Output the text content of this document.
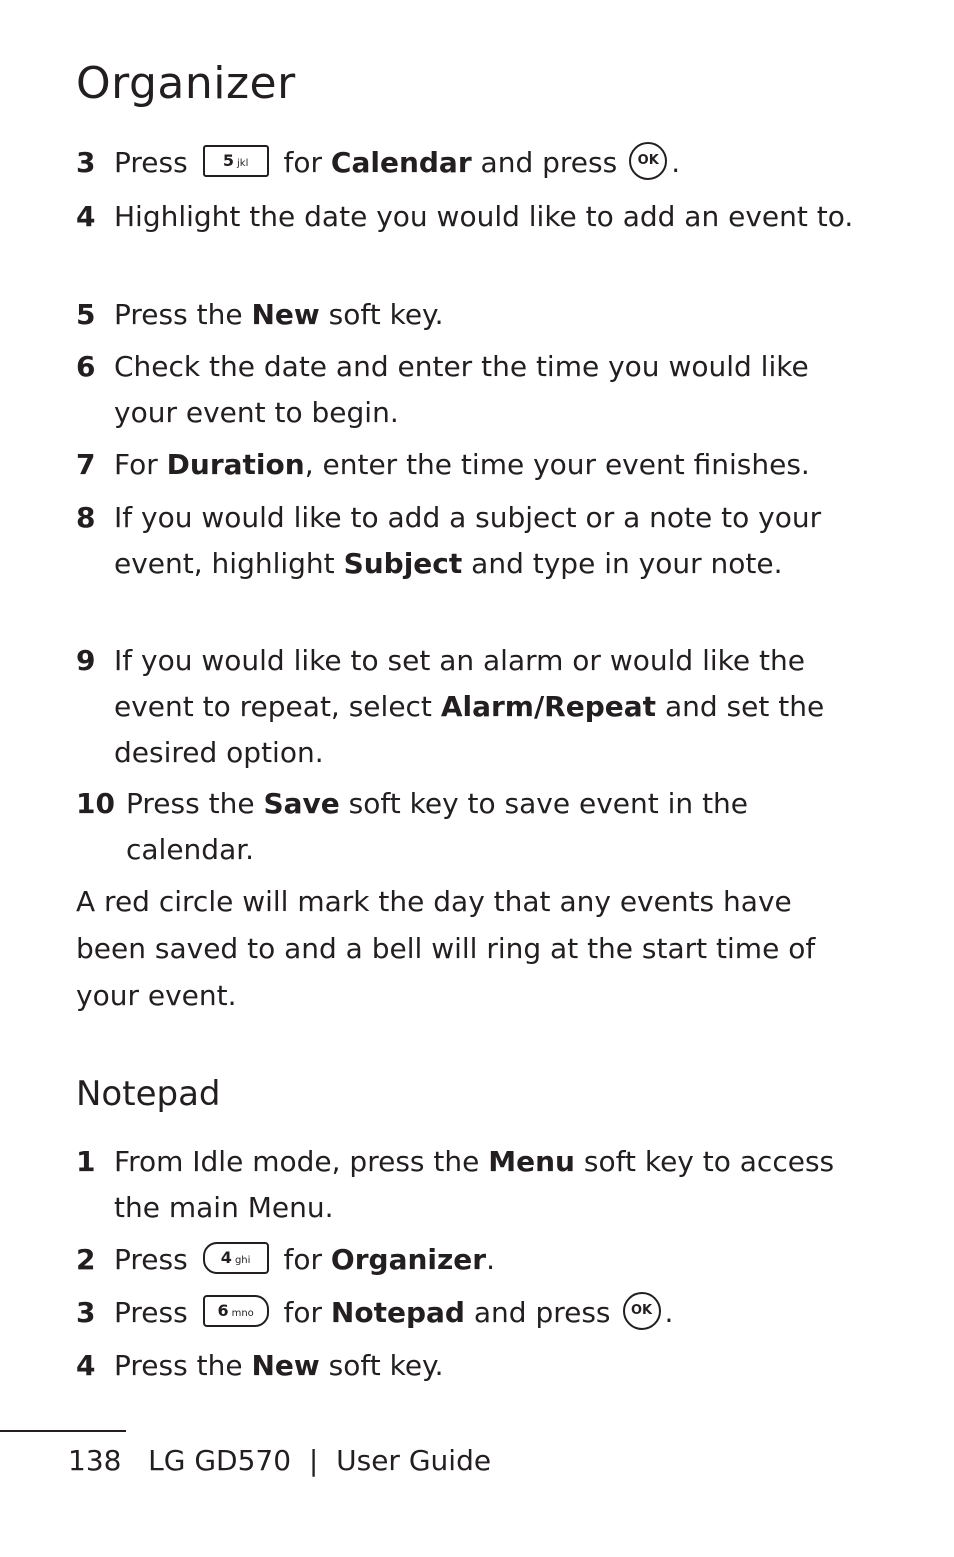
Organizer
3 Press 5 jkl for Calendar and press OK .
4 Highlight the date you would like to add an event to.
5 Press the New soft key.
6 Check the date and enter the time you would like your event to begin.
7 For Duration, enter the time your event finishes.
8 If you would like to add a subject or a note to your event, highlight Subject and type in your note.
9 If you would like to set an alarm or would like the event to repeat, select Alarm/Repeat and set the desired option.
10 Press the Save soft key to save event in the calendar.

A red circle will mark the day that any events have been saved to and a bell will ring at the start time of your event.

Notepad
1 From Idle mode, press the Menu soft key to access the main Menu.
2 Press 4 ghi for Organizer.
3 Press 6 mno for Notepad and press OK .
4 Press the New soft key.
138 LG GD570 | User Guide
